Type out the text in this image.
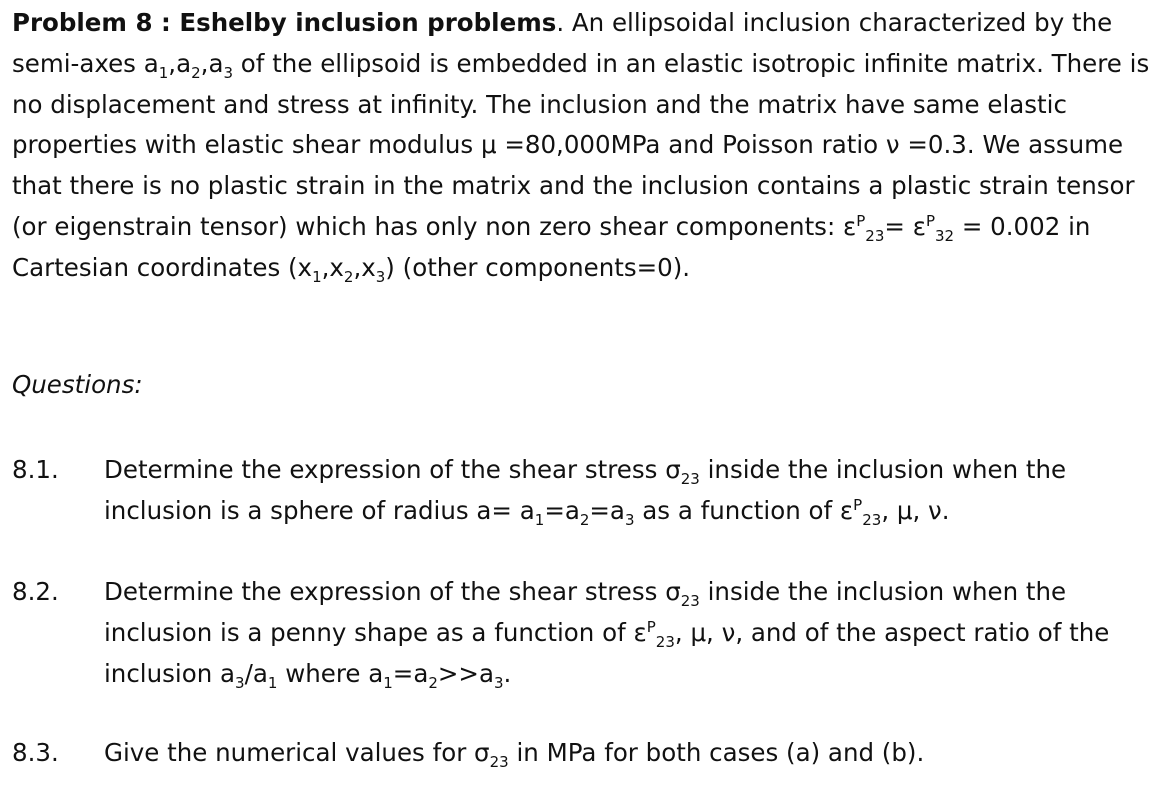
Problem 8 : Eshelby inclusion problems. An ellipsoidal inclusion characterized by the semi-axes $a_1,a_2,a_3$ of the ellipsoid is embedded in an elastic isotropic infinite matrix. There is no displacement and stress at infinity. The inclusion and the matrix have same elastic properties with elastic shear modulus μ =80,000MPa and Poisson ratio ν =0.3. We assume that there is no plastic strain in the matrix and the inclusion contains a plastic strain tensor (or eigenstrain tensor) which has only non zero shear components: $\varepsilon^P_{23}= \varepsilon^P_{32} = 0.002$ in Cartesian coordinates $(x_1,x_2,x_3)$ (other components=0).

Questions:
8.1. Determine the expression of the shear stress $\sigma_{23}$ inside the inclusion when the inclusion is a sphere of radius $a= a_1=a_2=a_3$ as a function of $\varepsilon^P_{23}$, μ, ν.
8.2. Determine the expression of the shear stress $\sigma_{23}$ inside the inclusion when the inclusion is a penny shape as a function of $\varepsilon^P_{23}$, μ, ν, and of the aspect ratio of the inclusion $a_3/a_1$ where $a_1=a_2>>a_3$.
8.3. Give the numerical values for $\sigma_{23}$ in MPa for both cases (a) and (b).
